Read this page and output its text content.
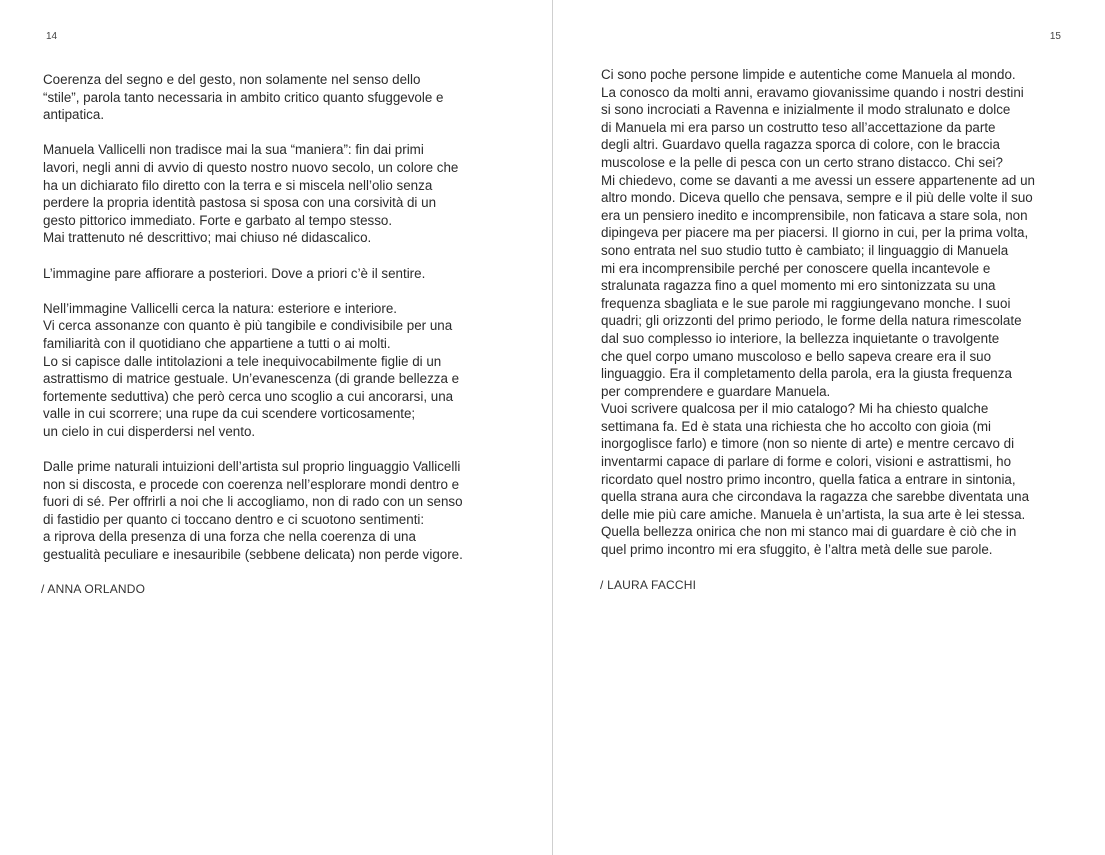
14

Coerenza del segno e del gesto, non solamente nel senso dello
“stile”, parola tanto necessaria in ambito critico quanto sfuggevole e
antipatica.

Manuela Vallicelli non tradisce mai la sua “maniera”: fin dai primi
lavori, negli anni di avvio di questo nostro nuovo secolo, un colore che
ha un dichiarato filo diretto con la terra e si miscela nell’olio senza
perdere la propria identità pastosa si sposa con una corsività di un
gesto pittorico immediato. Forte e garbato al tempo stesso.
Mai trattenuto né descrittivo; mai chiuso né didascalico.

L’immagine pare affiorare a posteriori. Dove a priori c’è il sentire.

Nell’immagine Vallicelli cerca la natura: esteriore e interiore.
Vi cerca assonanze con quanto è più tangibile e condivisibile per una
familiarità con il quotidiano che appartiene a tutti o ai molti.
Lo si capisce dalle intitolazioni a tele inequivocabilmente figlie di un
astrattismo di matrice gestuale. Un’evanescenza (di grande bellezza e
fortemente seduttiva) che però cerca uno scoglio a cui ancorarsi, una
valle in cui scorrere; una rupe da cui scendere vorticosamente;
un cielo in cui disperdersi nel vento.

Dalle prime naturali intuizioni dell’artista sul proprio linguaggio Vallicelli
non si discosta, e procede con coerenza nell’esplorare mondi dentro e
fuori di sé. Per offrirli a noi che li accogliamo, non di rado con un senso
di fastidio per quanto ci toccano dentro e ci scuotono sentimenti:
a riprova della presenza di una forza che nella coerenza di una
gestualità peculiare e inesauribile (sebbene delicata) non perde vigore.

/ ANNA ORLANDO
15

Ci sono poche persone limpide e autentiche come Manuela al mondo.
La conosco da molti anni, eravamo giovanissime quando i nostri destini
si sono incrociati a Ravenna e inizialmente il modo stralunato e dolce
di Manuela mi era parso un costrutto teso all’accettazione da parte
degli altri. Guardavo quella ragazza sporca di colore, con le braccia
muscolose e la pelle di pesca con un certo strano distacco. Chi sei?
Mi chiedevo, come se davanti a me avessi un essere appartenente ad un
altro mondo. Diceva quello che pensava, sempre e il più delle volte il suo
era un pensiero inedito e incomprensibile, non faticava a stare sola, non
dipingeva per piacere ma per piacersi. Il giorno in cui, per la prima volta,
sono entrata nel suo studio tutto è cambiato; il linguaggio di Manuela
mi era incomprensibile perché per conoscere quella incantevole e
stralunata ragazza fino a quel momento mi ero sintonizzata su una
frequenza sbagliata e le sue parole mi raggiungevano monche. I suoi
quadri; gli orizzonti del primo periodo, le forme della natura rimescolate
dal suo complesso io interiore, la bellezza inquietante o travolgente
che quel corpo umano muscoloso e bello sapeva creare era il suo
linguaggio. Era il completamento della parola, era la giusta frequenza
per comprendere e guardare Manuela.
Vuoi scrivere qualcosa per il mio catalogo? Mi ha chiesto qualche
settimana fa. Ed è stata una richiesta che ho accolto con gioia (mi
inorgoglisce farlo) e timore (non so niente di arte) e mentre cercavo di
inventarmi capace di parlare di forme e colori, visioni e astrattismi, ho
ricordato quel nostro primo incontro, quella fatica a entrare in sintonia,
quella strana aura che circondava la ragazza che sarebbe diventata una
delle mie più care amiche. Manuela è un’artista, la sua arte è lei stessa.
Quella bellezza onirica che non mi stanco mai di guardare è ciò che in
quel primo incontro mi era sfuggito, è l’altra metà delle sue parole.

/ LAURA FACCHI
